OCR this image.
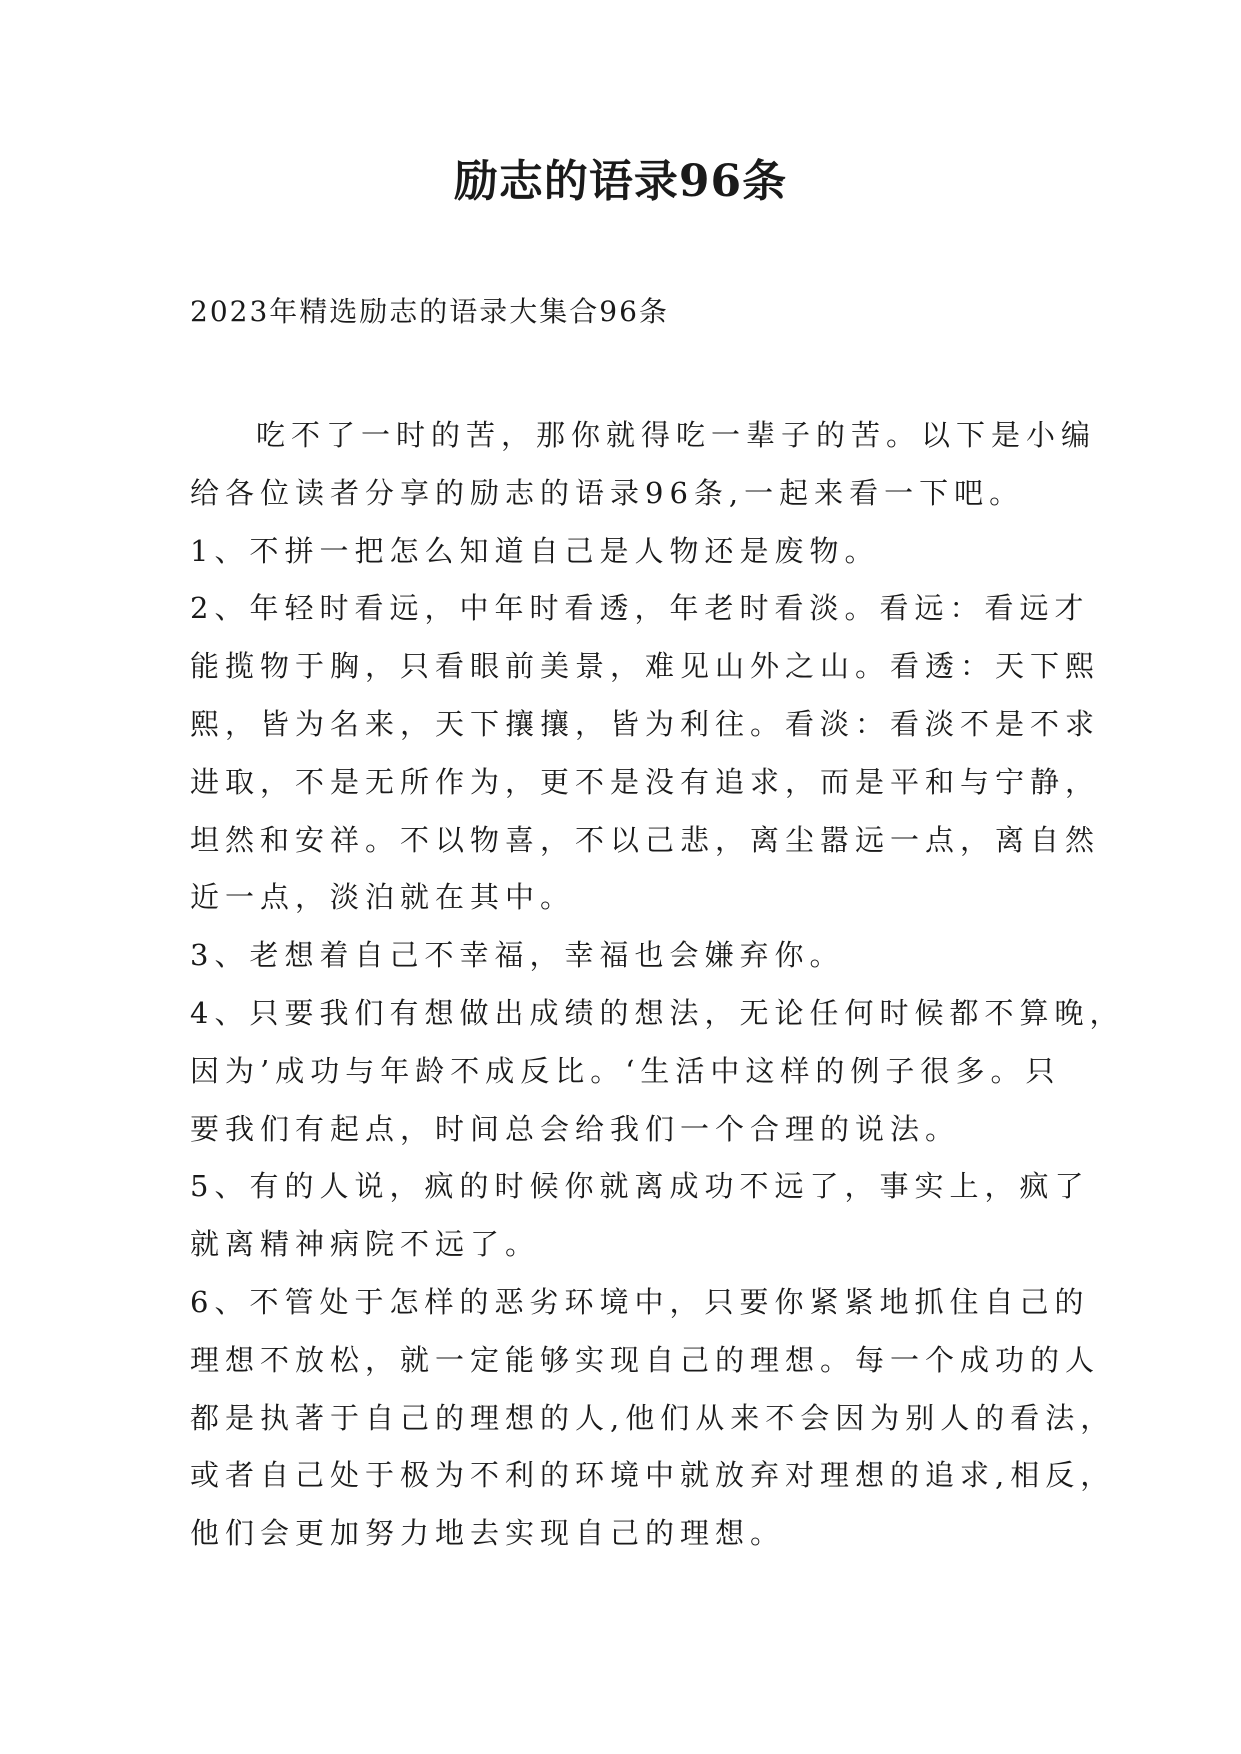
励志的语录96条
2023年精选励志的语录大集合96条
吃不了一时的苦，那你就得吃一辈子的苦。以下是小编
给各位读者分享的励志的语录96条,一起来看一下吧。
1、不拼一把怎么知道自己是人物还是废物。
2、年轻时看远，中年时看透，年老时看淡。看远：看远才
能揽物于胸，只看眼前美景，难见山外之山。看透：天下熙
熙，皆为名来，天下攘攘，皆为利往。看淡：看淡不是不求
进取，不是无所作为，更不是没有追求，而是平和与宁静，
坦然和安祥。不以物喜，不以己悲，离尘嚣远一点，离自然
近一点，淡泊就在其中。
3、老想着自己不幸福，幸福也会嫌弃你。
4、只要我们有想做出成绩的想法，无论任何时候都不算晚，
因为’成功与年龄不成反比。‘生活中这样的例子很多。只
要我们有起点，时间总会给我们一个合理的说法。
5、有的人说，疯的时候你就离成功不远了，事实上，疯了
就离精神病院不远了。
6、不管处于怎样的恶劣环境中，只要你紧紧地抓住自己的
理想不放松，就一定能够实现自己的理想。每一个成功的人
都是执著于自己的理想的人,他们从来不会因为别人的看法，
或者自己处于极为不利的环境中就放弃对理想的追求,相反，
他们会更加努力地去实现自己的理想。
